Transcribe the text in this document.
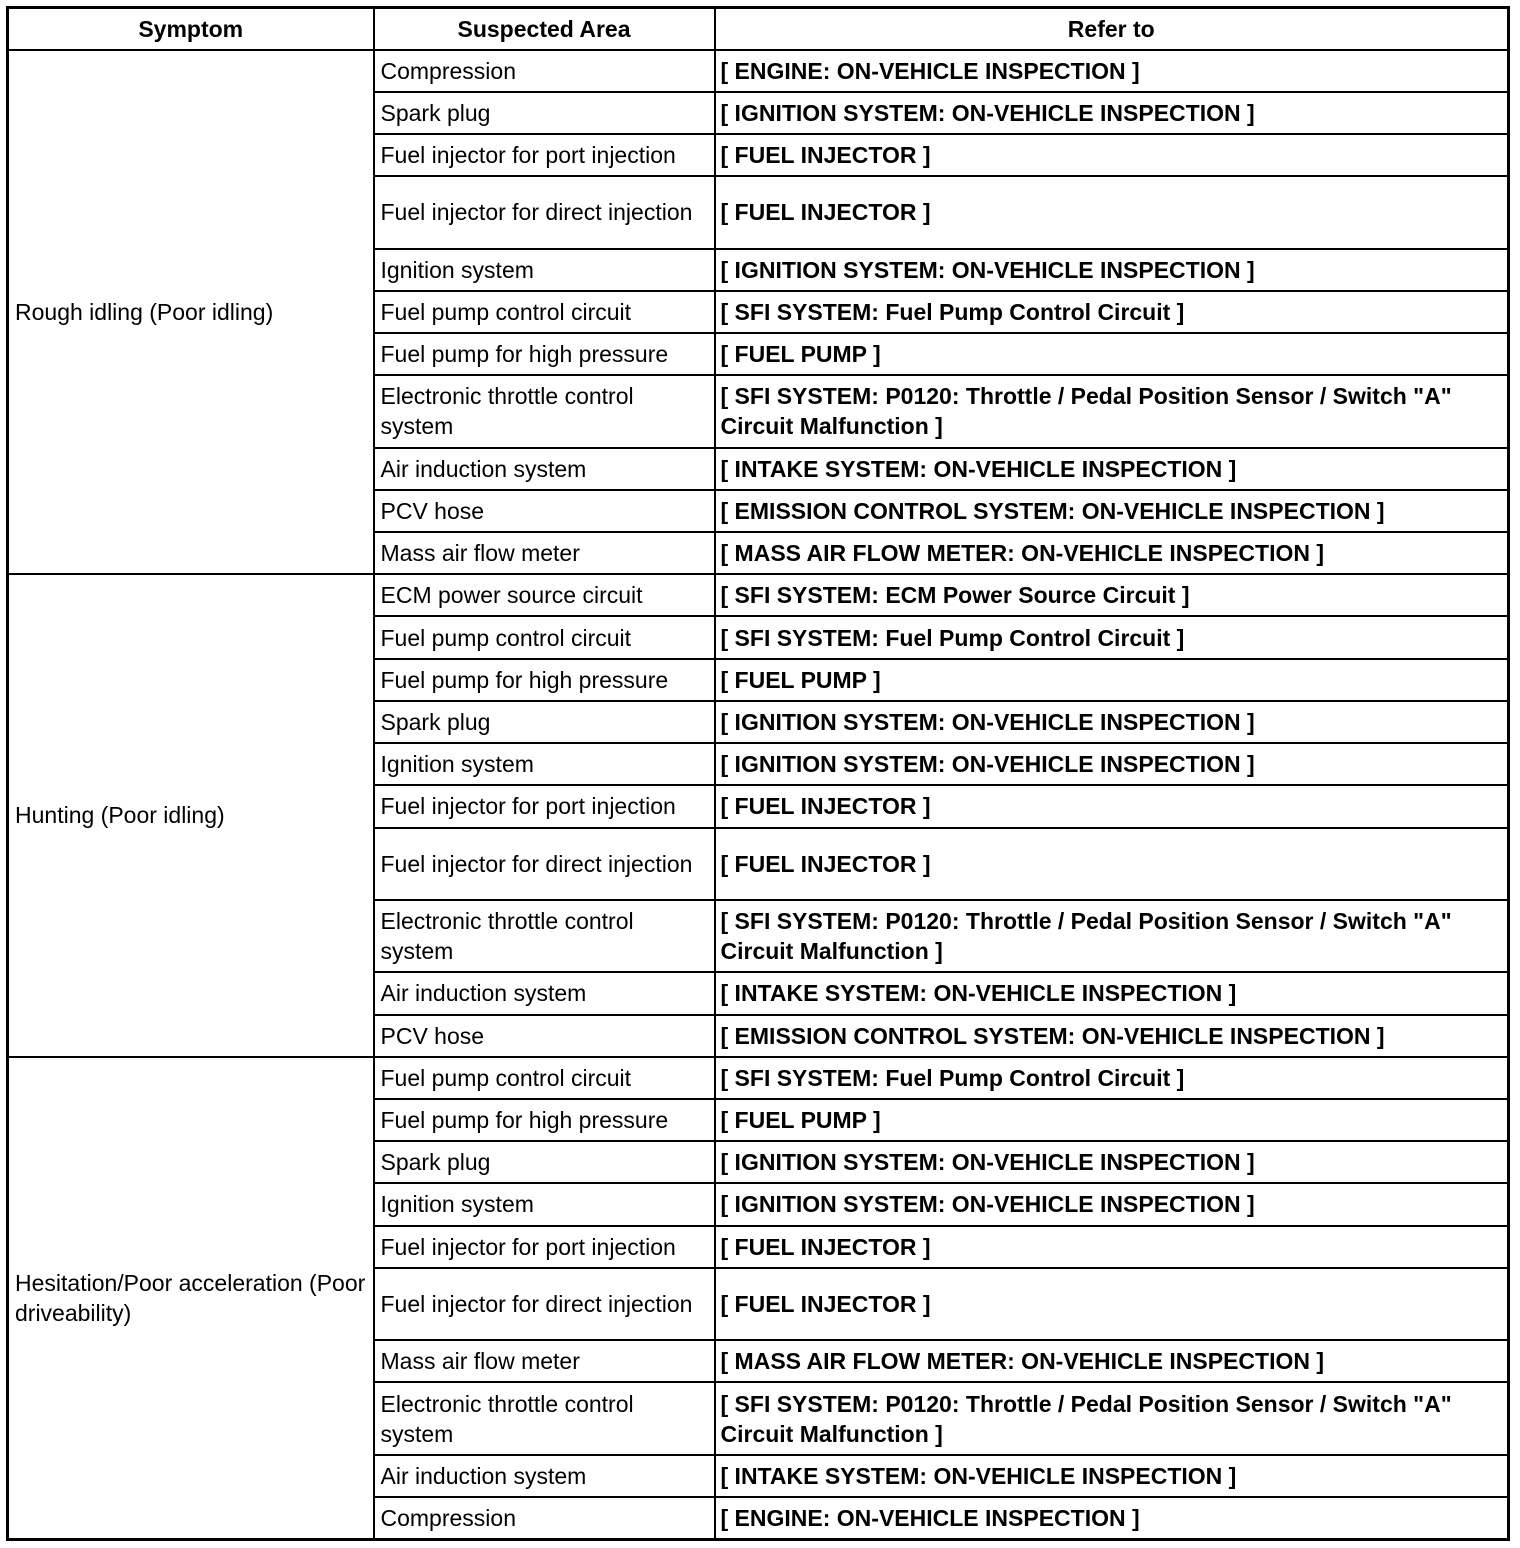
Symptom	Suspected Area	Refer to
Rough idling (Poor idling)	Compression	[ ENGINE: ON-VEHICLE INSPECTION ]
	Spark plug	[ IGNITION SYSTEM: ON-VEHICLE INSPECTION ]
	Fuel injector for port injection	[ FUEL INJECTOR ]
	Fuel injector for direct injection	[ FUEL INJECTOR ]
	Ignition system	[ IGNITION SYSTEM: ON-VEHICLE INSPECTION ]
	Fuel pump control circuit	[ SFI SYSTEM: Fuel Pump Control Circuit ]
	Fuel pump for high pressure	[ FUEL PUMP ]
	Electronic throttle control system	[ SFI SYSTEM: P0120: Throttle / Pedal Position Sensor / Switch "A" Circuit Malfunction ]
	Air induction system	[ INTAKE SYSTEM: ON-VEHICLE INSPECTION ]
	PCV hose	[ EMISSION CONTROL SYSTEM: ON-VEHICLE INSPECTION ]
	Mass air flow meter	[ MASS AIR FLOW METER: ON-VEHICLE INSPECTION ]
Hunting (Poor idling)	ECM power source circuit	[ SFI SYSTEM: ECM Power Source Circuit ]
	Fuel pump control circuit	[ SFI SYSTEM: Fuel Pump Control Circuit ]
	Fuel pump for high pressure	[ FUEL PUMP ]
	Spark plug	[ IGNITION SYSTEM: ON-VEHICLE INSPECTION ]
	Ignition system	[ IGNITION SYSTEM: ON-VEHICLE INSPECTION ]
	Fuel injector for port injection	[ FUEL INJECTOR ]
	Fuel injector for direct injection	[ FUEL INJECTOR ]
	Electronic throttle control system	[ SFI SYSTEM: P0120: Throttle / Pedal Position Sensor / Switch "A" Circuit Malfunction ]
	Air induction system	[ INTAKE SYSTEM: ON-VEHICLE INSPECTION ]
	PCV hose	[ EMISSION CONTROL SYSTEM: ON-VEHICLE INSPECTION ]
Hesitation/Poor acceleration (Poor driveability)	Fuel pump control circuit	[ SFI SYSTEM: Fuel Pump Control Circuit ]
	Fuel pump for high pressure	[ FUEL PUMP ]
	Spark plug	[ IGNITION SYSTEM: ON-VEHICLE INSPECTION ]
	Ignition system	[ IGNITION SYSTEM: ON-VEHICLE INSPECTION ]
	Fuel injector for port injection	[ FUEL INJECTOR ]
	Fuel injector for direct injection	[ FUEL INJECTOR ]
	Mass air flow meter	[ MASS AIR FLOW METER: ON-VEHICLE INSPECTION ]
	Electronic throttle control system	[ SFI SYSTEM: P0120: Throttle / Pedal Position Sensor / Switch "A" Circuit Malfunction ]
	Air induction system	[ INTAKE SYSTEM: ON-VEHICLE INSPECTION ]
	Compression	[ ENGINE: ON-VEHICLE INSPECTION ]
